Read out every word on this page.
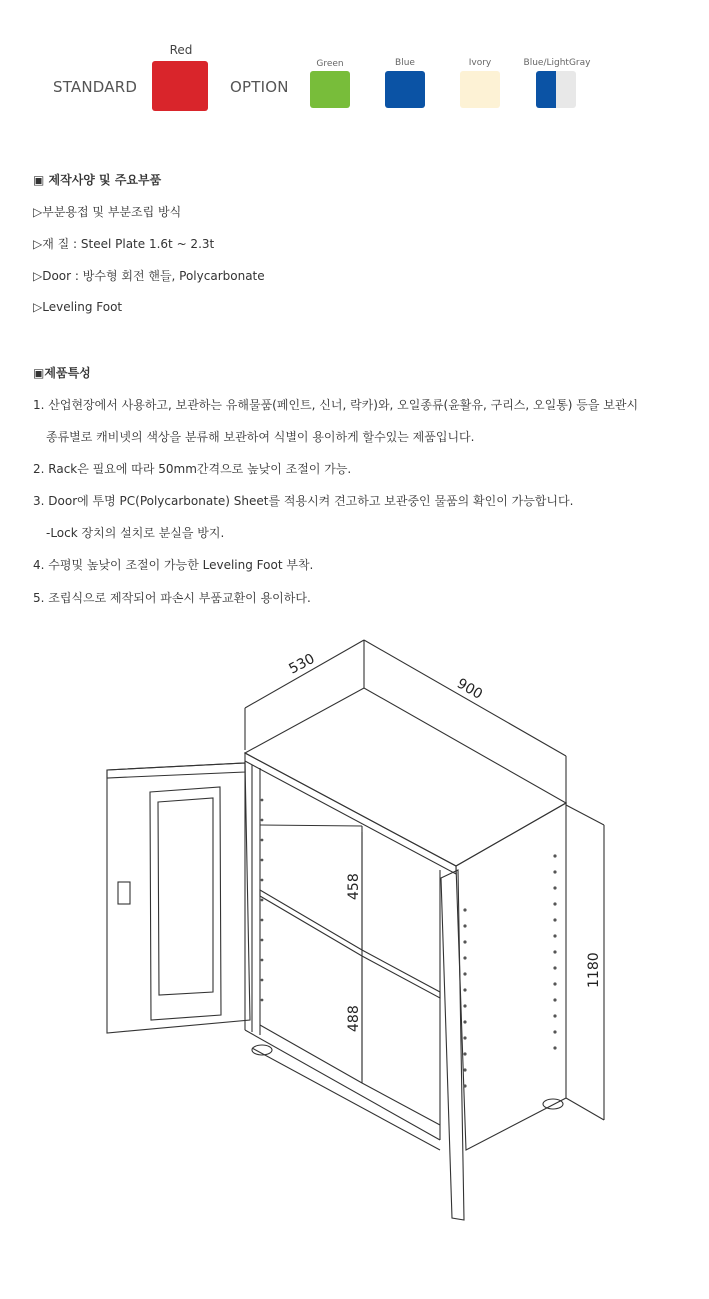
STANDARD
Red
OPTION
Green	Blue	Ivory	Blue/LightGray
▣ 제작사양 및 주요부품
▷부분용접 및 부분조립 방식
▷재 질 : Steel Plate 1.6t ~ 2.3t
▷Door : 방수형 회전 핸들, Polycarbonate
▷Leveling Foot
▣제품특성
1. 산업현장에서 사용하고, 보관하는 유해물품(페인트, 신너, 락카)와, 오일종류(윤활유, 구리스, 오일통) 등을 보관시
종류별로 캐비넷의 색상을 분류해 보관하여 식별이 용이하게 할수있는 제품입니다.
2. Rack은 필요에 따라 50mm간격으로 높낮이 조절이 가능.
3. Door에 투명 PC(Polycarbonate) Sheet를 적용시켜 견고하고 보관중인 물품의 확인이 가능합니다.
-Lock 장치의 설치로 분실을 방지.
4. 수평및 높낮이 조절이 가능한 Leveling Foot 부착.
5. 조립식으로 제작되어 파손시 부품교환이 용이하다.
530
900
1180
458
488
